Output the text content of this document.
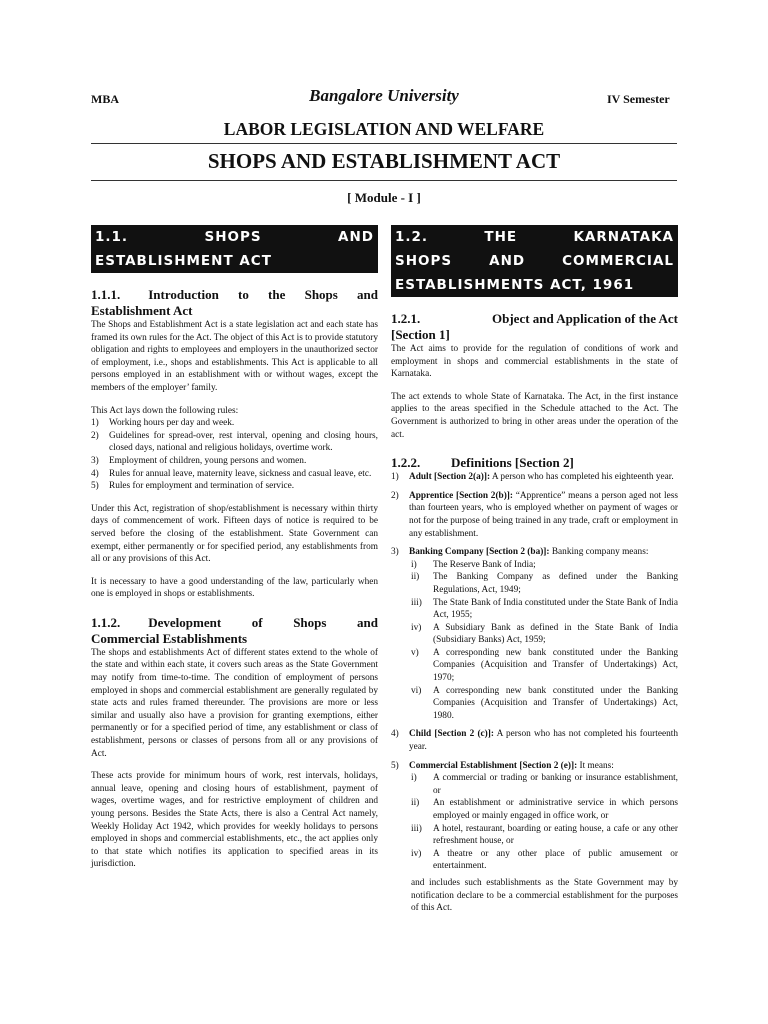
MBA	Bangalore University	IV Semester
LABOR LEGISLATION AND WELFARE
SHOPS AND ESTABLISHMENT ACT
[ Module - I ]
1.1.	SHOPS	AND
ESTABLISHMENT ACT
1.1.1.	Introduction to the Shops and
Establishment Act

The Shops and Establishment Act is a state legislation act and each state has framed its own rules for the Act. The object of this Act is to provide statutory obligation and rights to employees and employers in the unauthorized sector of employment, i.e., shops and establishments. This Act is applicable to all persons employed in an establishment with or without wages, except the members of the employer’ family.

This Act lays down the following rules:

1)	Working hours per day and week.
2)	Guidelines for spread-over, rest interval, opening and closing hours, closed days, national and religious holidays, overtime work.
3)	Employment of children, young persons and women.
4)	Rules for annual leave, maternity leave, sickness and casual leave, etc.
5)	Rules for employment and termination of service.

Under this Act, registration of shop/establishment is necessary within thirty days of commencement of work. Fifteen days of notice is required to be served before the closing of the establishment. State Government can exempt, either permanently or for specified period, any establishments from all or any provisions of this Act.

It is necessary to have a good understanding of the law, particularly when one is employed in shops or establishments.

1.1.2.	Development of Shops and
Commercial Establishments

The shops and establishments Act of different states extend to the whole of the state and within each state, it covers such areas as the State Government may notify from time-to-time. The condition of employment of persons employed in shops and commercial establishment are generally regulated by state acts and rules framed thereunder. The provisions are more or less similar and usually also have a provision for granting exemptions, either permanently or for a specified period of time, any establishment or class of establishment, persons or classes of persons from all or any provisions of Act.

These acts provide for minimum hours of work, rest intervals, holidays, annual leave, opening and closing hours of establishment, payment of wages, overtime wages, and for restrictive employment of children and young persons. Besides the State Acts, there is also a Central Act namely, Weekly Holiday Act 1942, which provides for weekly holidays to persons employed in shops and commercial establishments, etc., the act applies only to that state which notifies its application to specified areas in its jurisdiction.

1.2.	THE	KARNATAKA
SHOPS	AND	COMMERCIAL
ESTABLISHMENTS ACT, 1961
1.2.1.	Object and Application of the Act
[Section 1]

The Act aims to provide for the regulation of conditions of work and employment in shops and commercial establishments in the state of Karnataka.

The act extends to whole State of Karnataka. The Act, in the first instance applies to the areas specified in the Schedule attached to the Act. The Government is authorized to bring in other areas under the operation of the act.

1.2.2. Definitions [Section 2]
1)	Adult [Section 2(a)]: A person who has completed his eighteenth year.
2)	Apprentice [Section 2(b)]: “Apprentice” means a person aged not less than fourteen years, who is employed whether on payment of wages or not for the purpose of being trained in any trade, craft or employment in any establishment.
3)	Banking Company [Section 2 (ba)]: Banking company means:
i)	The Reserve Bank of India;
ii)	The Banking Company as defined under the Banking Regulations, Act, 1949;
iii)	The State Bank of India constituted under the State Bank of India Act, 1955;
iv)	A Subsidiary Bank as defined in the State Bank of India (Subsidiary Banks) Act, 1959;
v)	A corresponding new bank constituted under the Banking Companies (Acquisition and Transfer of Undertakings) Act, 1970;
vi)	A corresponding new bank constituted under the Banking Companies (Acquisition and Transfer of Undertakings) Act, 1980.
4)	Child [Section 2 (c)]: A person who has not completed his fourteenth year.
5)	Commercial Establishment [Section 2 (e)]: It means:
i)	A commercial or trading or banking or insurance establishment, or
ii)	An establishment or administrative service in which persons employed or mainly engaged in office work, or
iii)	A hotel, restaurant, boarding or eating house, a cafe or any other refreshment house, or
iv)	A theatre or any other place of public amusement or entertainment.
and includes such establishments as the State Government may by notification declare to be a commercial establishment for the purposes of this Act.
